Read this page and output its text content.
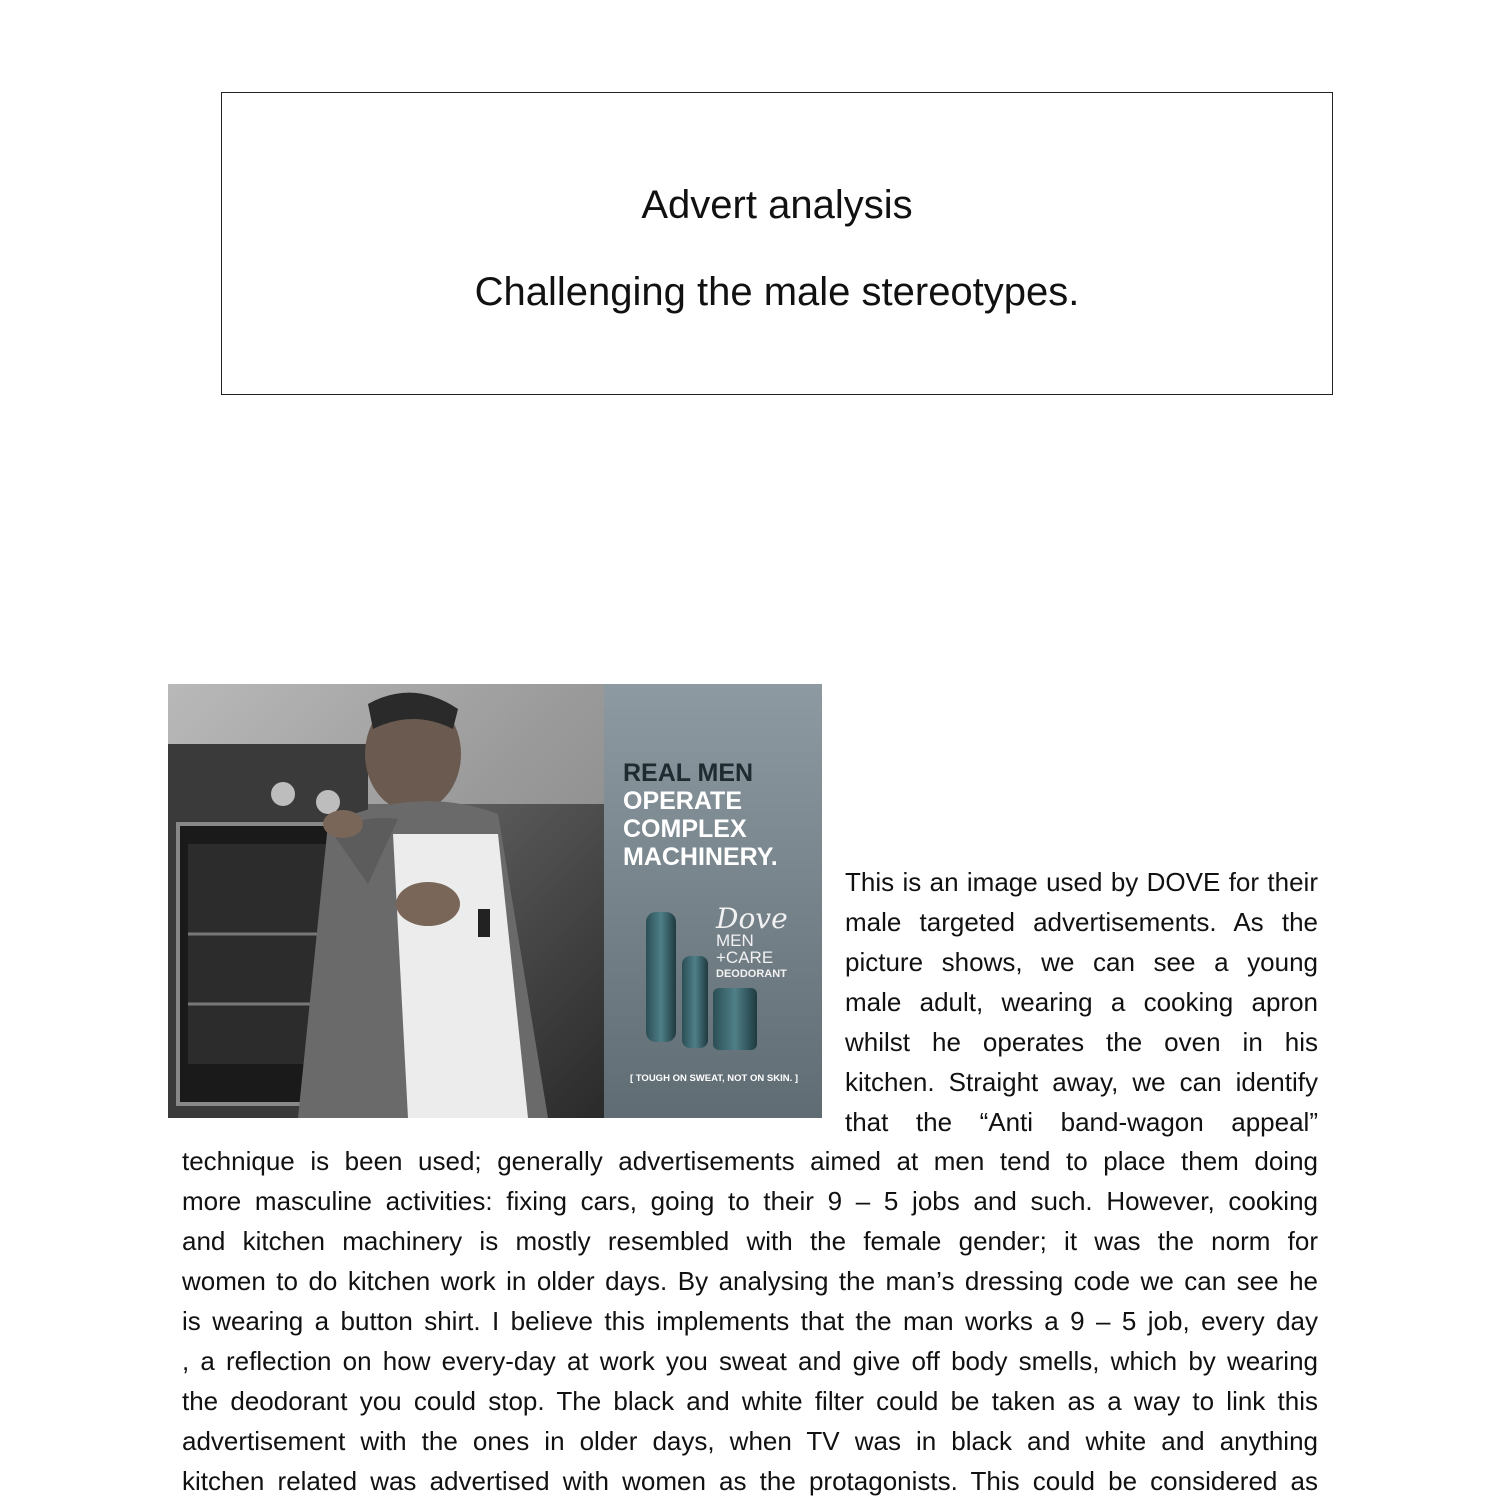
Advert analysis
Challenging the male stereotypes.
REAL MEN
OPERATE
COMPLEX
MACHINERY.
Dove
MEN
+CARE
DEODORANT
[ TOUGH ON SWEAT, NOT ON SKIN. ]
This is an image used by DOVE for their
male targeted advertisements. As the
picture shows, we can see a young
male adult, wearing a cooking apron
whilst he operates the oven in his
kitchen. Straight away, we can identify
that the “Anti band-wagon appeal”
technique is been used; generally advertisements aimed at men tend to place them doing
more masculine activities: fixing cars, going to their 9 – 5 jobs and such. However, cooking
and kitchen machinery is mostly resembled with the female gender; it was the norm for
women to do kitchen work in older days. By analysing the man’s dressing code we can see he
is wearing a button shirt. I believe this implements that the man works a 9 – 5 job, every day
, a reflection on how every-day at work you sweat and give off body smells, which by wearing
the deodorant you could stop. The black and white filter could be taken as a way to link this
advertisement with the ones in older days, when TV was in black and white and anything
kitchen related was advertised with women as the protagonists. This could be considered as
